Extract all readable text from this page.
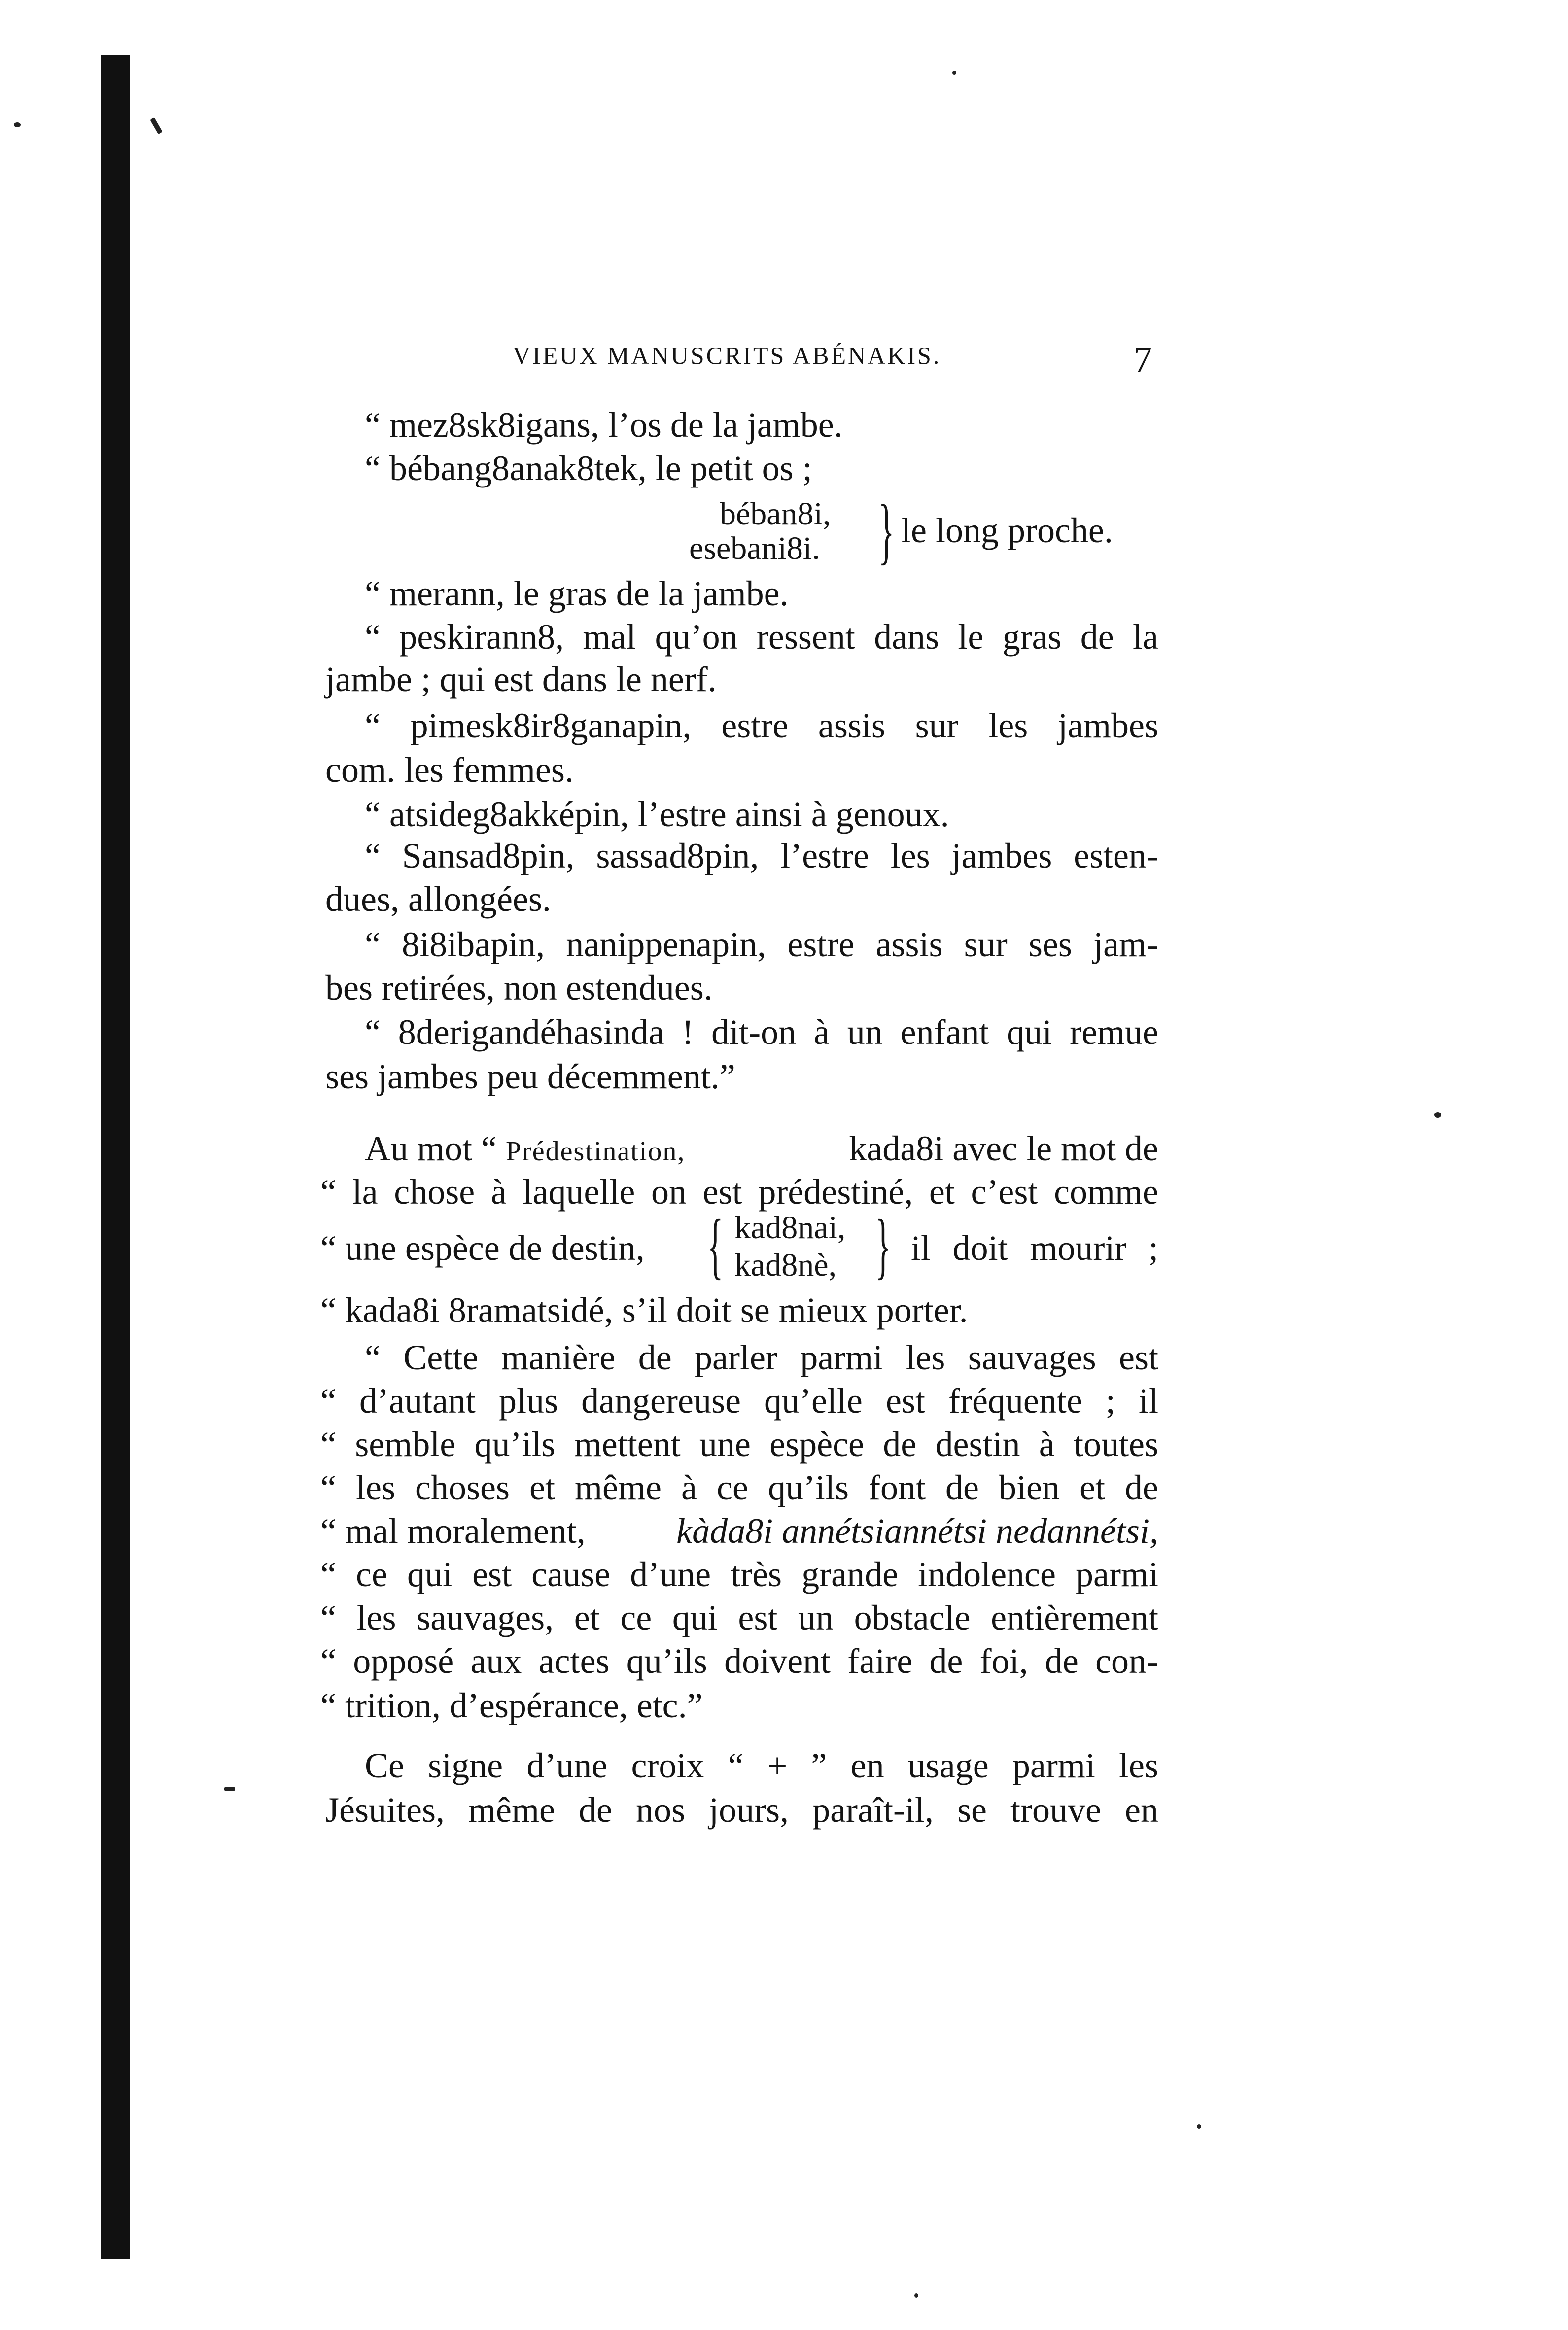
VIEUX MANUSCRITS ABÉNAKIS.	7
“ mez8sk8igans, l’os de la jambe.
“ bébang8anak8tek, le petit os ;
béban8i,
esebani8i. } le long proche.
“ merann, le gras de la jambe.
“ peskirann8, mal qu’on ressent dans le gras de la
jambe ; qui est dans le nerf.
“ pimesk8ir8ganapin, estre assis sur les jambes
com. les femmes.
“ atsideg8akképin, l’estre ainsi à genoux.
“ Sansad8pin, sassad8pin, l’estre les jambes esten-
dues, allongées.
“ 8i8ibapin, nanippenapin, estre assis sur ses jam-
bes retirées, non estendues.
“ 8derigandéhasinda ! dit-on à un enfant qui remue
ses jambes peu décemment.”
Au mot “ Prédestination,	kada8i avec le mot de
“ la chose à laquelle on est prédestiné, et c’est comme
“ une espèce de destin, { kad8nai,
kad8nè, } il doit mourir ;
“ kada8i 8ramatsidé, s’il doit se mieux porter.
“ Cette manière de parler parmi les sauvages est
“ d’autant plus dangereuse qu’elle est fréquente ; il
“ semble qu’ils mettent une espèce de destin à toutes
“ les choses et même à ce qu’ils font de bien et de
“ mal moralement,	kàda8i annétsiannétsi nedannétsi,
“ ce qui est cause d’une très grande indolence parmi
“ les sauvages, et ce qui est un obstacle entièrement
“ opposé aux actes qu’ils doivent faire de foi, de con-
“ trition, d’espérance, etc.”
Ce signe d’une croix “ + ” en usage parmi les
Jésuites, même de nos jours, paraît-il, se trouve en
